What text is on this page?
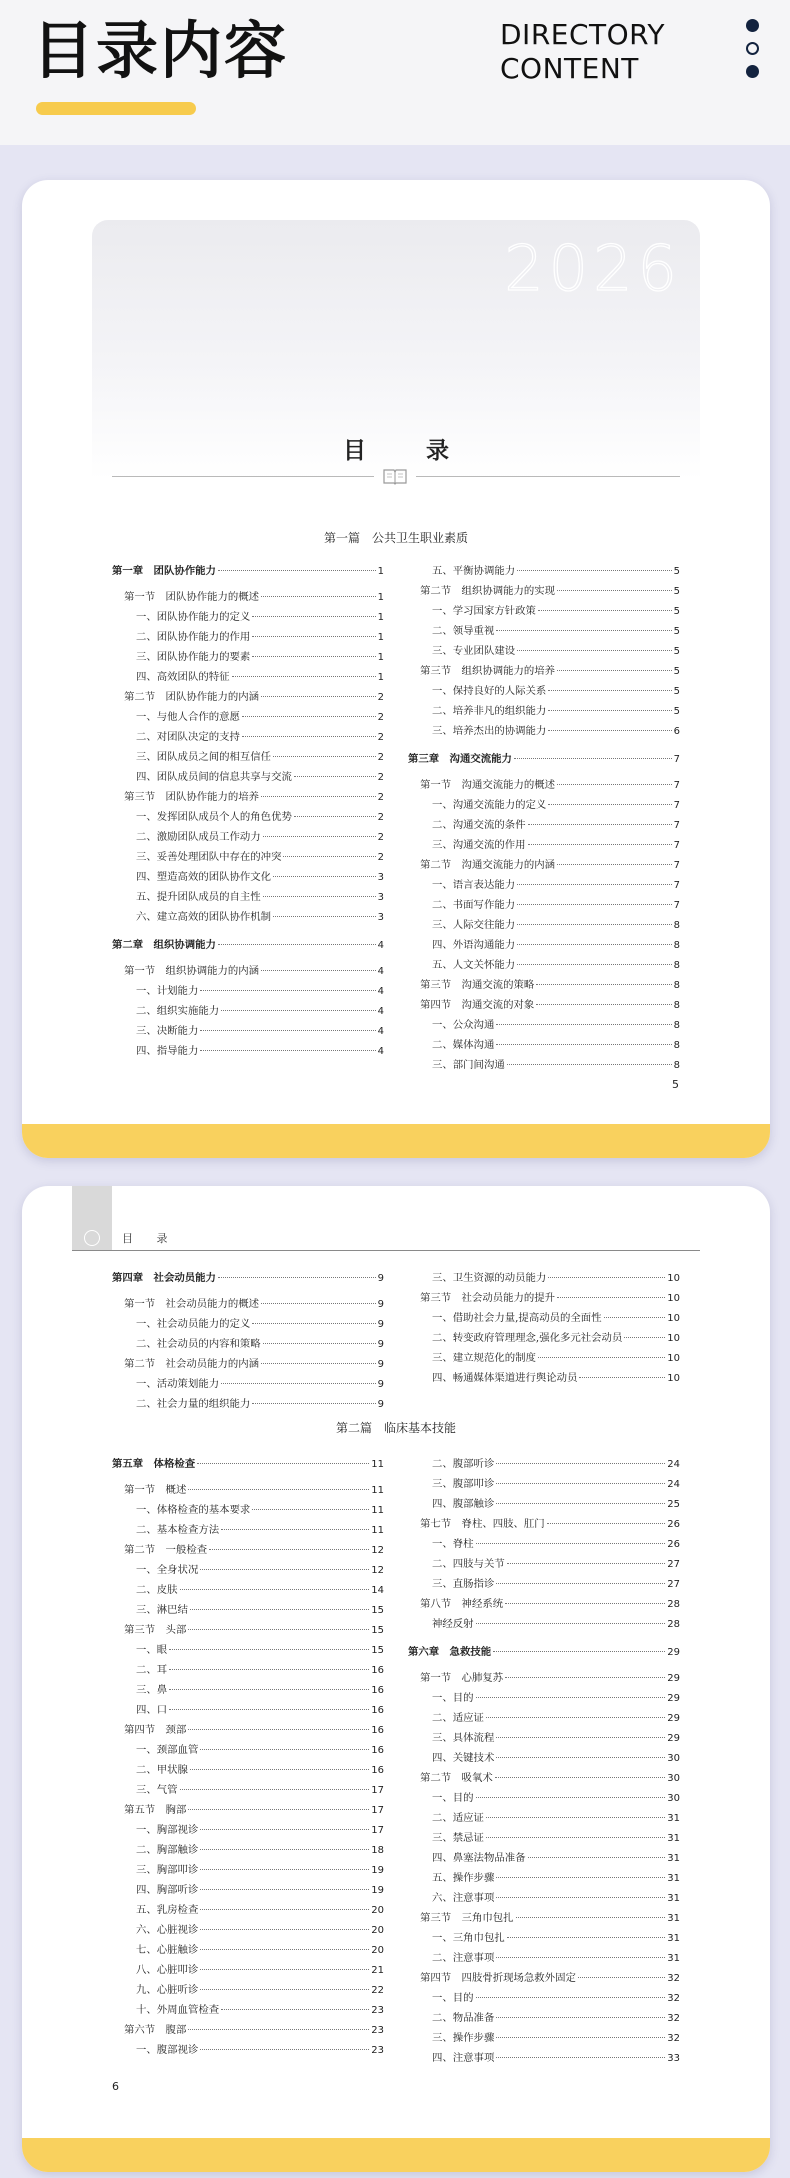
目录内容	DIRECTORY
CONTENT
2026
目 录
第一篇　公共卫生职业素质
第一章　团队协作能力	1
第一节　团队协作能力的概述	1
一、团队协作能力的定义	1
二、团队协作能力的作用	1
三、团队协作能力的要素	1
四、高效团队的特征	1
第二节　团队协作能力的内涵	2
一、与他人合作的意愿	2
二、对团队决定的支持	2
三、团队成员之间的相互信任	2
四、团队成员间的信息共享与交流	2
第三节　团队协作能力的培养	2
一、发挥团队成员个人的角色优势	2
二、激励团队成员工作动力	2
三、妥善处理团队中存在的冲突	2
四、塑造高效的团队协作文化	3
五、提升团队成员的自主性	3
六、建立高效的团队协作机制	3
第二章　组织协调能力	4
第一节　组织协调能力的内涵	4
一、计划能力	4
二、组织实施能力	4
三、决断能力	4
四、指导能力	4
五、平衡协调能力	5
第二节　组织协调能力的实现	5
一、学习国家方针政策	5
二、领导重视	5
三、专业团队建设	5
第三节　组织协调能力的培养	5
一、保持良好的人际关系	5
二、培养非凡的组织能力	5
三、培养杰出的协调能力	6
第三章　沟通交流能力	7
第一节　沟通交流能力的概述	7
一、沟通交流能力的定义	7
二、沟通交流的条件	7
三、沟通交流的作用	7
第二节　沟通交流能力的内涵	7
一、语言表达能力	7
二、书面写作能力	7
三、人际交往能力	8
四、外语沟通能力	8
五、人文关怀能力	8
第三节　沟通交流的策略	8
第四节　沟通交流的对象	8
一、公众沟通	8
二、媒体沟通	8
三、部门间沟通	8
5
目 录
第四章　社会动员能力	9
第一节　社会动员能力的概述	9
一、社会动员能力的定义	9
二、社会动员的内容和策略	9
第二节　社会动员能力的内涵	9
一、活动策划能力	9
二、社会力量的组织能力	9
三、卫生资源的动员能力	10
第三节　社会动员能力的提升	10
一、借助社会力量,提高动员的全面性	10
二、转变政府管理理念,强化多元社会动员	10
三、建立规范化的制度	10
四、畅通媒体渠道进行舆论动员	10
第二篇　临床基本技能
第五章　体格检查	11
第一节　概述	11
一、体格检查的基本要求	11
二、基本检查方法	11
第二节　一般检查	12
一、全身状况	12
二、皮肤	14
三、淋巴结	15
第三节　头部	15
一、眼	15
二、耳	16
三、鼻	16
四、口	16
第四节　颈部	16
一、颈部血管	16
二、甲状腺	16
三、气管	17
第五节　胸部	17
一、胸部视诊	17
二、胸部触诊	18
三、胸部叩诊	19
四、胸部听诊	19
五、乳房检查	20
六、心脏视诊	20
七、心脏触诊	20
八、心脏叩诊	21
九、心脏听诊	22
十、外周血管检查	23
第六节　腹部	23
一、腹部视诊	23
二、腹部听诊	24
三、腹部叩诊	24
四、腹部触诊	25
第七节　脊柱、四肢、肛门	26
一、脊柱	26
二、四肢与关节	27
三、直肠指诊	27
第八节　神经系统	28
神经反射	28
第六章　急救技能	29
第一节　心肺复苏	29
一、目的	29
二、适应证	29
三、具体流程	29
四、关键技术	30
第二节　吸氧术	30
一、目的	30
二、适应证	31
三、禁忌证	31
四、鼻塞法物品准备	31
五、操作步骤	31
六、注意事项	31
第三节　三角巾包扎	31
一、三角巾包扎	31
二、注意事项	31
第四节　四肢骨折现场急救外固定	32
一、目的	32
二、物品准备	32
三、操作步骤	32
四、注意事项	33
6
